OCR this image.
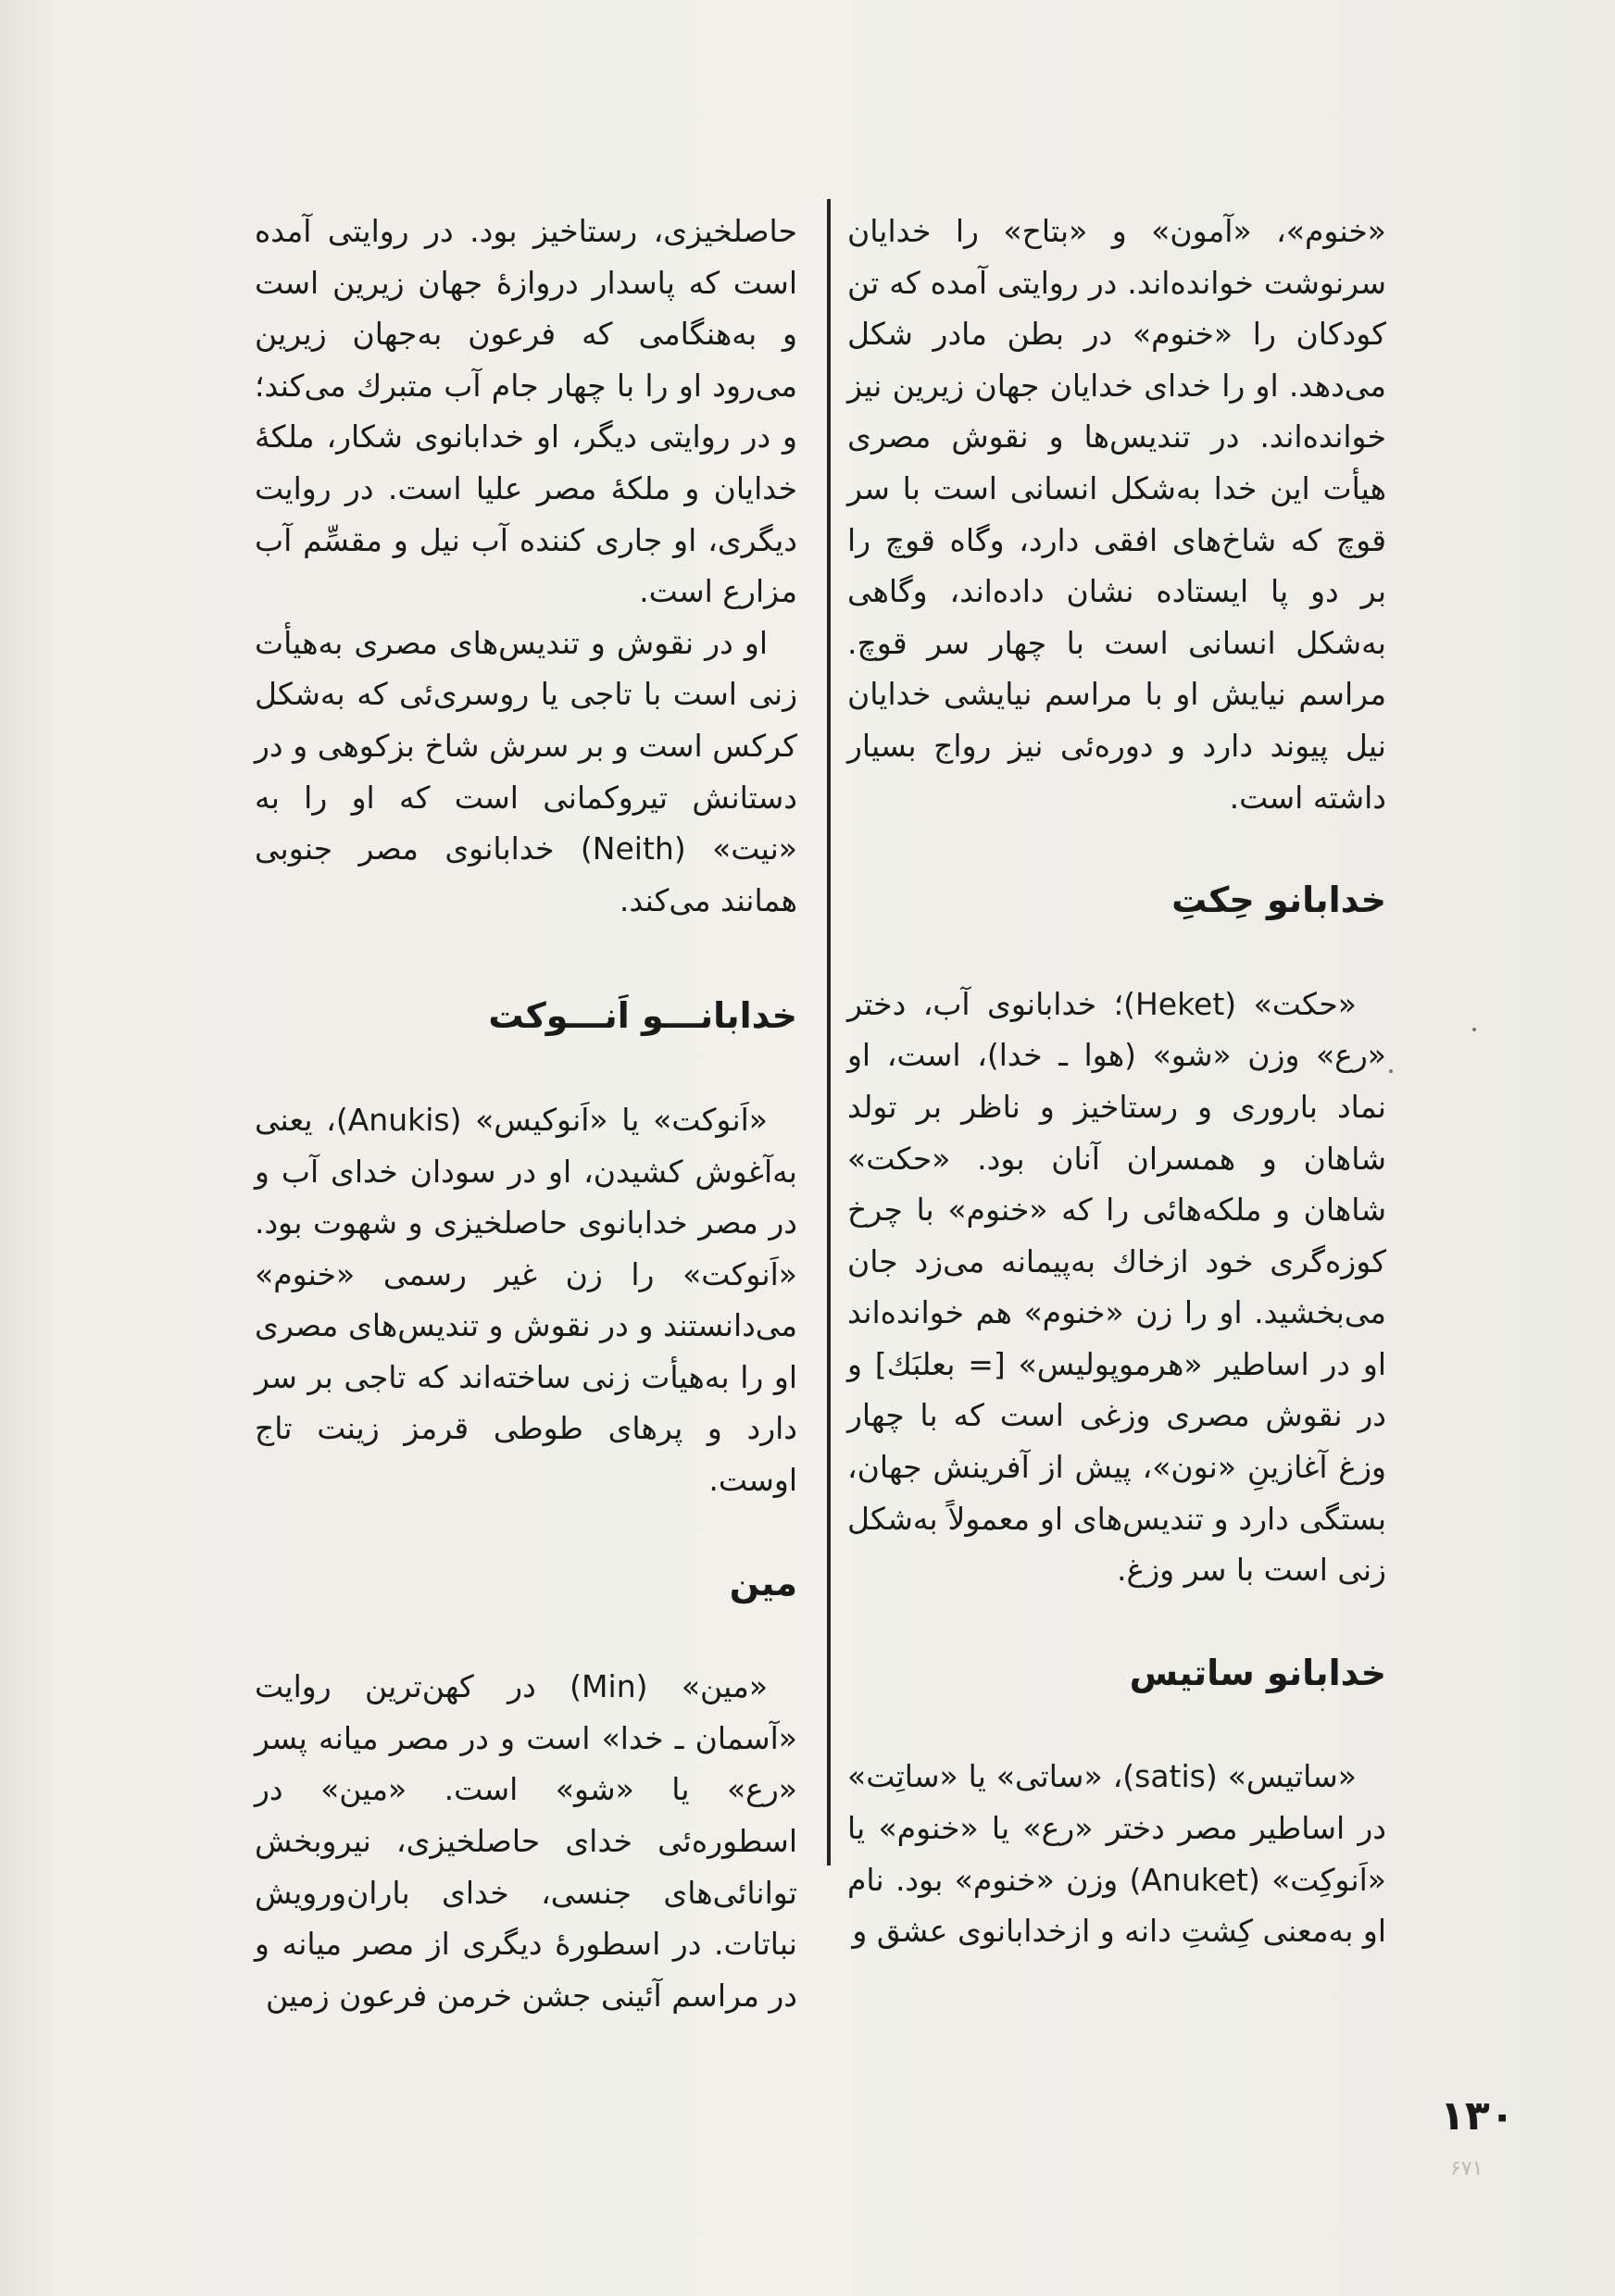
«خنوم»، «آمون» و «بتاح» را خدایان سرنوشت خوانده‌اند. در روایتی آمده که تن کودکان را «خنوم» در بطن مادر شکل می‌دهد. او را خدای خدایان جهان زیرین نیز خوانده‌اند. در تندیس‌ها و نقوش مصری هیأت این خدا به‌شکل انسانی است با سر قوچ که شاخ‌های افقی دارد، وگاه قوچ را بر دو پا ایستاده نشان داده‌اند، وگاهی به‌شکل انسانی است با چهار سر قوچ. مراسم نیایش او با مراسم نیایشی خدایان نیل پیوند دارد و دوره‌ئی نیز رواج بسیار داشته است.

خدابانو حِکتِ

«حکت» (Heket)؛ خدابانوی آب، دختر «رع» وزن «شو» (هوا ـ خدا)، است، او نماد باروری و رستاخیز و ناظر بر تولد شاهان و همسران آنان بود. «حکت» شاهان و ملکه‌هائی را که «خنوم» با چرخ کوزه‌گری خود ازخاك به‌پیمانه می‌زد جان می‌بخشید. او را زن «خنوم» هم خوانده‌اند او در اساطیر «هرموپولیس» [= بعلبَك] و در نقوش مصری وزغی است که با چهار وزغ آغازینِ «نون»، پیش از آفرینش جهان، بستگی دارد و تندیس‌های او معمولاً به‌شکل زنی است با سر وزغ.

خدابانو ساتیس

«ساتیس» (satis)، «ساتی» یا «ساتِت» در اساطیر مصر دختر «رع» یا «خنوم» یا «اَنوکِت» (Anuket) وزن «خنوم» بود. نام او به‌معنی کِشتِ دانه و ازخدابانوی عشق و

حاصلخیزی، رستاخیز بود. در روایتی آمده است که پاسدار دروازهٔ جهان زیرین است و به‌هنگامی که فرعون به‌جهان زیرین می‌رود او را با چهار جام آب متبرك می‌کند؛ و در روایتی دیگر، او خدابانوی شکار، ملکهٔ خدایان و ملکهٔ مصر علیا است. در روایت دیگری، او جاری کننده آب نیل و مقسِّم آب مزارع است.

او در نقوش و تندیس‌های مصری به‌هیأت زنی است با تاجی یا روسری‌ئی که به‌شکل کرکس است و بر سرش شاخ بزکوهی و در دستانش تیروکمانی است که او را به «نیت» (Neith) خدابانوی مصر جنوبی همانند می‌کند.

خدابانـــو اَنـــوکت

«اَنوکت» یا «اَنوکیس» (Anukis)، یعنی به‌آغوش کشیدن، او در سودان خدای آب و در مصر خدابانوی حاصلخیزی و شهوت بود. «اَنوکت» را زن غیر رسمی «خنوم» می‌دانستند و در نقوش و تندیس‌های مصری او را به‌هیأت زنی ساخته‌اند که تاجی بر سر دارد و پرهای طوطی قرمز زینت تاج اوست.

مین

«مین» (Min) در کهن‌ترین روایت «آسمان ـ خدا» است و در مصر میانه پسر «رع» یا «شو» است. «مین» در اسطوره‌ئی خدای حاصلخیزی، نیروبخش توانائی‌های جنسی، خدای باران‌ورویش نباتات. در اسطورهٔ دیگری از مصر میانه و در مراسم آئینی جشن خرمن فرعون زمین

۱۳۰
۶۷۱
